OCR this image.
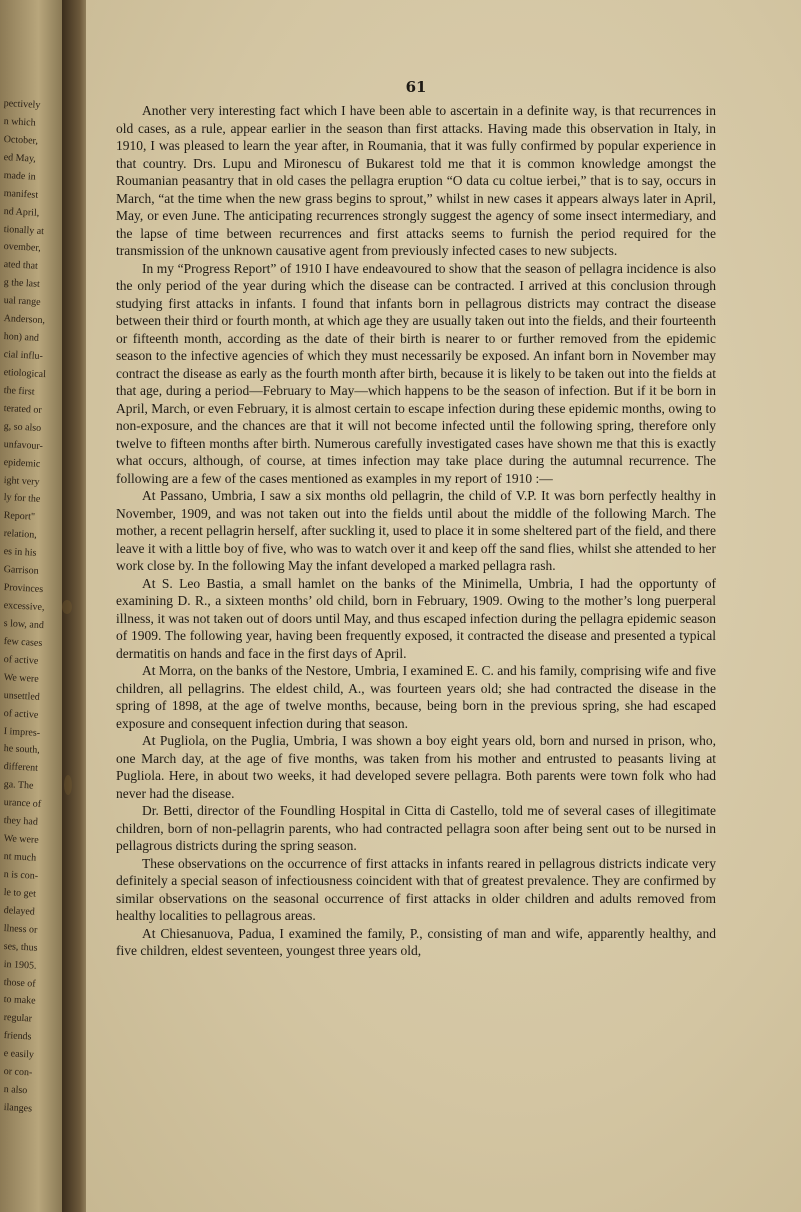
pectively
n which
October,
ed May,
made in
manifest
nd April,
tionally at
ovember,
ated that
g the last
ual range
Anderson,
hon) and
cial influ-
etiological
the first
terated or
g, so also
unfavour-
epidemic
ight very
ly for the
Report"
relation,
es in his
Garrison
Provinces
excessive,
s low, and
few cases
of active
We were
unsettled
of active
I impres-
he south,
different
ga. The
urance of
they had
We were
nt much
n is con-
le to get
delayed
llness or
ses, thus
in 1905.
those of
to make
regular
friends
e easily
or con-
n also
ilanges
61

Another very interesting fact which I have been able to ascertain in a definite way, is that recurrences in old cases, as a rule, appear earlier in the season than first attacks. Having made this observation in Italy, in 1910, I was pleased to learn the year after, in Roumania, that it was fully confirmed by popular experience in that country. Drs. Lupu and Mironescu of Bukarest told me that it is common knowledge amongst the Roumanian peasantry that in old cases the pellagra eruption “O data cu coltue ierbei,” that is to say, occurs in March, “at the time when the new grass begins to sprout,” whilst in new cases it appears always later in April, May, or even June. The anticipating recurrences strongly suggest the agency of some insect intermediary, and the lapse of time between recurrences and first attacks seems to furnish the period required for the transmission of the unknown causative agent from previously infected cases to new subjects.

In my “Progress Report” of 1910 I have endeavoured to show that the season of pellagra incidence is also the only period of the year during which the disease can be contracted. I arrived at this conclusion through studying first attacks in infants. I found that infants born in pellagrous districts may contract the disease between their third or fourth month, at which age they are usually taken out into the fields, and their fourteenth or fifteenth month, according as the date of their birth is nearer to or further removed from the epidemic season to the infective agencies of which they must necessarily be exposed. An infant born in November may contract the disease as early as the fourth month after birth, because it is likely to be taken out into the fields at that age, during a period—February to May—which happens to be the season of infection. But if it be born in April, March, or even February, it is almost certain to escape infection during these epidemic months, owing to non-exposure, and the chances are that it will not become infected until the following spring, therefore only twelve to fifteen months after birth. Numerous carefully investigated cases have shown me that this is exactly what occurs, although, of course, at times infection may take place during the autumnal recurrence. The following are a few of the cases mentioned as examples in my report of 1910 :—

At Passano, Umbria, I saw a six months old pellagrin, the child of V.P. It was born perfectly healthy in November, 1909, and was not taken out into the fields until about the middle of the following March. The mother, a recent pellagrin herself, after suckling it, used to place it in some sheltered part of the field, and there leave it with a little boy of five, who was to watch over it and keep off the sand flies, whilst she attended to her work close by. In the following May the infant developed a marked pellagra rash.

At S. Leo Bastia, a small hamlet on the banks of the Minimella, Umbria, I had the opportunty of examining D. R., a sixteen months’ old child, born in February, 1909. Owing to the mother’s long puerperal illness, it was not taken out of doors until May, and thus escaped infection during the pellagra epidemic season of 1909. The following year, having been frequently exposed, it contracted the disease and presented a typical dermatitis on hands and face in the first days of April.

At Morra, on the banks of the Nestore, Umbria, I examined E. C. and his family, comprising wife and five children, all pellagrins. The eldest child, A., was fourteen years old; she had contracted the disease in the spring of 1898, at the age of twelve months, because, being born in the previous spring, she had escaped exposure and consequent infection during that season.

At Pugliola, on the Puglia, Umbria, I was shown a boy eight years old, born and nursed in prison, who, one March day, at the age of five months, was taken from his mother and entrusted to peasants living at Pugliola. Here, in about two weeks, it had developed severe pellagra. Both parents were town folk who had never had the disease.

Dr. Betti, director of the Foundling Hospital in Citta di Castello, told me of several cases of illegitimate children, born of non-pellagrin parents, who had contracted pellagra soon after being sent out to be nursed in pellagrous districts during the spring season.

These observations on the occurrence of first attacks in infants reared in pellagrous districts indicate very definitely a special season of infectiousness coincident with that of greatest prevalence. They are confirmed by similar observations on the seasonal occurrence of first attacks in older children and adults removed from healthy localities to pellagrous areas.

At Chiesanuova, Padua, I examined the family, P., consisting of man and wife, apparently healthy, and five children, eldest seventeen, youngest three years old,
